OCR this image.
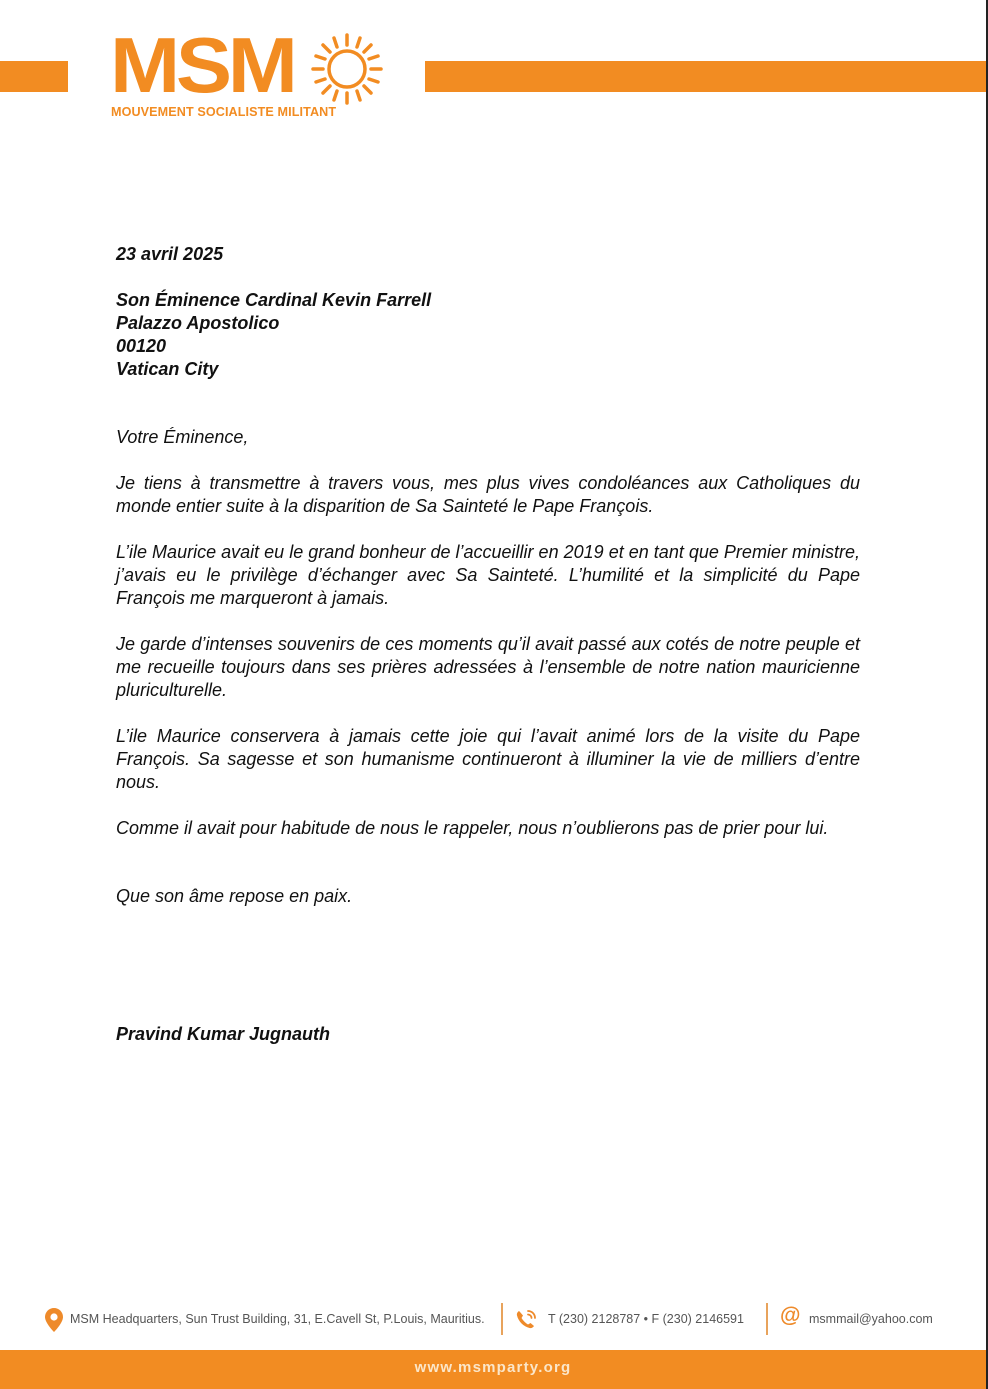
MSM
MOUVEMENT SOCIALISTE MILITANT

23 avril 2025

Son Éminence Cardinal Kevin Farrell

Palazzo Apostolico

00120

Vatican City

Votre Éminence,

Je tiens à transmettre à travers vous, mes plus vives condoléances aux Catholiques du monde entier suite à la disparition de Sa Sainteté le Pape François.

L’ile Maurice avait eu le grand bonheur de l’accueillir en 2019 et en tant que Premier ministre, j’avais eu le privilège d’échanger avec Sa Sainteté. L’humilité et la simplicité du Pape François me marqueront à jamais.

Je garde d’intenses souvenirs de ces moments qu’il avait passé aux cotés de notre peuple et me recueille toujours dans ses prières adressées à l’ensemble de notre nation mauricienne pluriculturelle.

L’ile Maurice conservera à jamais cette joie qui l’avait animé lors de la visite du Pape François. Sa sagesse et son humanisme continueront à illuminer la vie de milliers d’entre nous.

Comme il avait pour habitude de nous le rappeler, nous n’oublierons pas de prier pour lui.

Que son âme repose en paix.

Pravind Kumar Jugnauth

MSM Headquarters, Sun Trust Building, 31, E.Cavell St, P.Louis, Mauritius.	T (230) 2128787 • F (230) 2146591 @ msmmail@yahoo.com
www.msmparty.org
